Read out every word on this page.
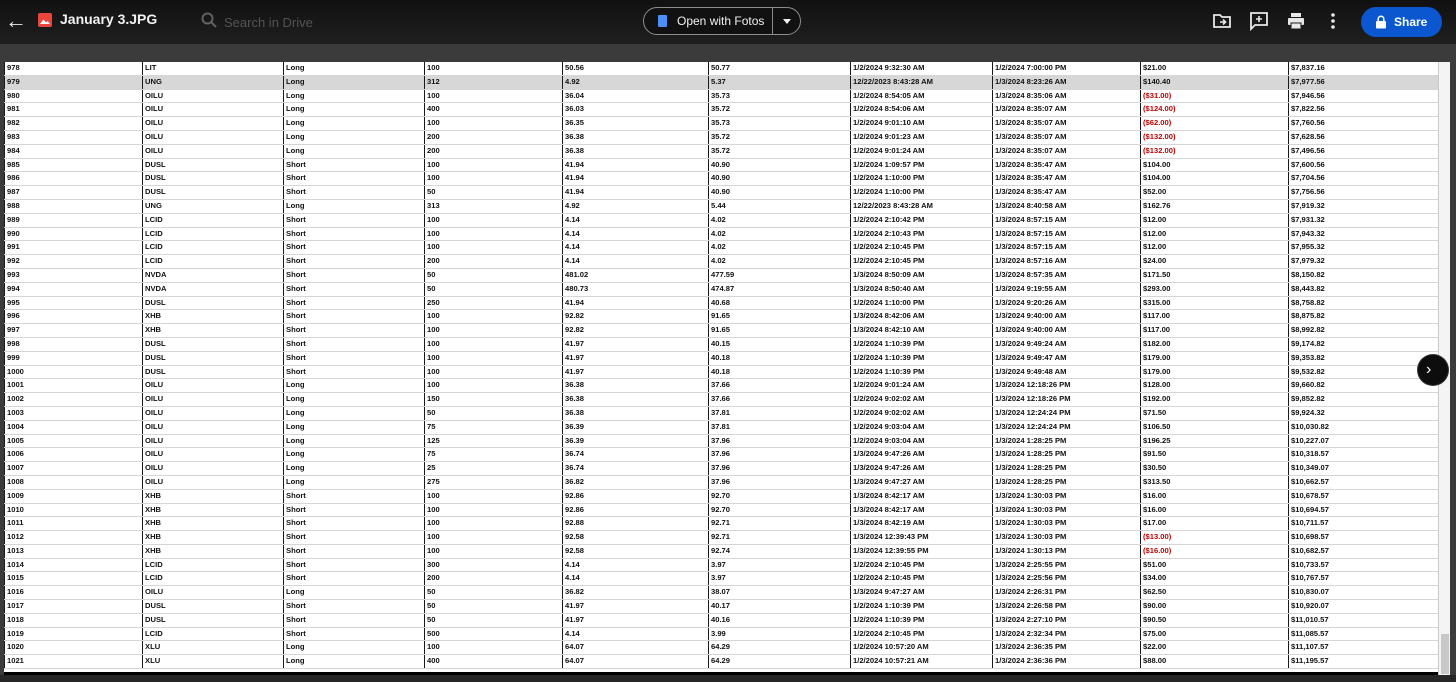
← January 3.JPG
Search in Drive	Open with Fotos	Share
978	LIT	Long	100	50.56	50.77	1/2/2024 9:32:30 AM	1/2/2024 7:00:00 PM	$21.00	$7,837.16
979	UNG	Long	312	4.92	5.37	12/22/2023 8:43:28 AM	1/3/2024 8:23:26 AM	$140.40	$7,977.56
980	OILU	Long	100	36.04	35.73	1/2/2024 8:54:05 AM	1/3/2024 8:35:06 AM	($31.00)	$7,946.56
981	OILU	Long	400	36.03	35.72	1/2/2024 8:54:06 AM	1/3/2024 8:35:07 AM	($124.00)	$7,822.56
982	OILU	Long	100	36.35	35.73	1/2/2024 9:01:10 AM	1/3/2024 8:35:07 AM	($62.00)	$7,760.56
983	OILU	Long	200	36.38	35.72	1/2/2024 9:01:23 AM	1/3/2024 8:35:07 AM	($132.00)	$7,628.56
984	OILU	Long	200	36.38	35.72	1/2/2024 9:01:24 AM	1/3/2024 8:35:07 AM	($132.00)	$7,496.56
985	DUSL	Short	100	41.94	40.90	1/2/2024 1:09:57 PM	1/3/2024 8:35:47 AM	$104.00	$7,600.56
986	DUSL	Short	100	41.94	40.90	1/2/2024 1:10:00 PM	1/3/2024 8:35:47 AM	$104.00	$7,704.56
987	DUSL	Short	50	41.94	40.90	1/2/2024 1:10:00 PM	1/3/2024 8:35:47 AM	$52.00	$7,756.56
988	UNG	Long	313	4.92	5.44	12/22/2023 8:43:28 AM	1/3/2024 8:40:58 AM	$162.76	$7,919.32
989	LCID	Short	100	4.14	4.02	1/2/2024 2:10:42 PM	1/3/2024 8:57:15 AM	$12.00	$7,931.32
990	LCID	Short	100	4.14	4.02	1/2/2024 2:10:43 PM	1/3/2024 8:57:15 AM	$12.00	$7,943.32
991	LCID	Short	100	4.14	4.02	1/2/2024 2:10:45 PM	1/3/2024 8:57:15 AM	$12.00	$7,955.32
992	LCID	Short	200	4.14	4.02	1/2/2024 2:10:45 PM	1/3/2024 8:57:16 AM	$24.00	$7,979.32
993	NVDA	Short	50	481.02	477.59	1/3/2024 8:50:09 AM	1/3/2024 8:57:35 AM	$171.50	$8,150.82
994	NVDA	Short	50	480.73	474.87	1/3/2024 8:50:40 AM	1/3/2024 9:19:55 AM	$293.00	$8,443.82
995	DUSL	Short	250	41.94	40.68	1/2/2024 1:10:00 PM	1/3/2024 9:20:26 AM	$315.00	$8,758.82
996	XHB	Short	100	92.82	91.65	1/3/2024 8:42:06 AM	1/3/2024 9:40:00 AM	$117.00	$8,875.82
997	XHB	Short	100	92.82	91.65	1/3/2024 8:42:10 AM	1/3/2024 9:40:00 AM	$117.00	$8,992.82
998	DUSL	Short	100	41.97	40.15	1/2/2024 1:10:39 PM	1/3/2024 9:49:24 AM	$182.00	$9,174.82
999	DUSL	Short	100	41.97	40.18	1/2/2024 1:10:39 PM	1/3/2024 9:49:47 AM	$179.00	$9,353.82
1000	DUSL	Short	100	41.97	40.18	1/2/2024 1:10:39 PM	1/3/2024 9:49:48 AM	$179.00	$9,532.82
1001	OILU	Long	100	36.38	37.66	1/2/2024 9:01:24 AM	1/3/2024 12:18:26 PM	$128.00	$9,660.82
1002	OILU	Long	150	36.38	37.66	1/2/2024 9:02:02 AM	1/3/2024 12:18:26 PM	$192.00	$9,852.82
1003	OILU	Long	50	36.38	37.81	1/2/2024 9:02:02 AM	1/3/2024 12:24:24 PM	$71.50	$9,924.32
1004	OILU	Long	75	36.39	37.81	1/2/2024 9:03:04 AM	1/3/2024 12:24:24 PM	$106.50	$10,030.82
1005	OILU	Long	125	36.39	37.96	1/2/2024 9:03:04 AM	1/3/2024 1:28:25 PM	$196.25	$10,227.07
1006	OILU	Long	75	36.74	37.96	1/3/2024 9:47:26 AM	1/3/2024 1:28:25 PM	$91.50	$10,318.57
1007	OILU	Long	25	36.74	37.96	1/3/2024 9:47:26 AM	1/3/2024 1:28:25 PM	$30.50	$10,349.07
1008	OILU	Long	275	36.82	37.96	1/3/2024 9:47:27 AM	1/3/2024 1:28:25 PM	$313.50	$10,662.57
1009	XHB	Short	100	92.86	92.70	1/3/2024 8:42:17 AM	1/3/2024 1:30:03 PM	$16.00	$10,678.57
1010	XHB	Short	100	92.86	92.70	1/3/2024 8:42:17 AM	1/3/2024 1:30:03 PM	$16.00	$10,694.57
1011	XHB	Short	100	92.88	92.71	1/3/2024 8:42:19 AM	1/3/2024 1:30:03 PM	$17.00	$10,711.57
1012	XHB	Short	100	92.58	92.71	1/3/2024 12:39:43 PM	1/3/2024 1:30:03 PM	($13.00)	$10,698.57
1013	XHB	Short	100	92.58	92.74	1/3/2024 12:39:55 PM	1/3/2024 1:30:13 PM	($16.00)	$10,682.57
1014	LCID	Short	300	4.14	3.97	1/2/2024 2:10:45 PM	1/3/2024 2:25:55 PM	$51.00	$10,733.57
1015	LCID	Short	200	4.14	3.97	1/2/2024 2:10:45 PM	1/3/2024 2:25:56 PM	$34.00	$10,767.57
1016	OILU	Long	50	36.82	38.07	1/3/2024 9:47:27 AM	1/3/2024 2:26:31 PM	$62.50	$10,830.07
1017	DUSL	Short	50	41.97	40.17	1/2/2024 1:10:39 PM	1/3/2024 2:26:58 PM	$90.00	$10,920.07
1018	DUSL	Short	50	41.97	40.16	1/2/2024 1:10:39 PM	1/3/2024 2:27:10 PM	$90.50	$11,010.57
1019	LCID	Short	500	4.14	3.99	1/2/2024 2:10:45 PM	1/3/2024 2:32:34 PM	$75.00	$11,085.57
1020	XLU	Long	100	64.07	64.29	1/2/2024 10:57:20 AM	1/3/2024 2:36:35 PM	$22.00	$11,107.57
1021	XLU	Long	400	64.07	64.29	1/2/2024 10:57:21 AM	1/3/2024 2:36:36 PM	$88.00	$11,195.57
›
